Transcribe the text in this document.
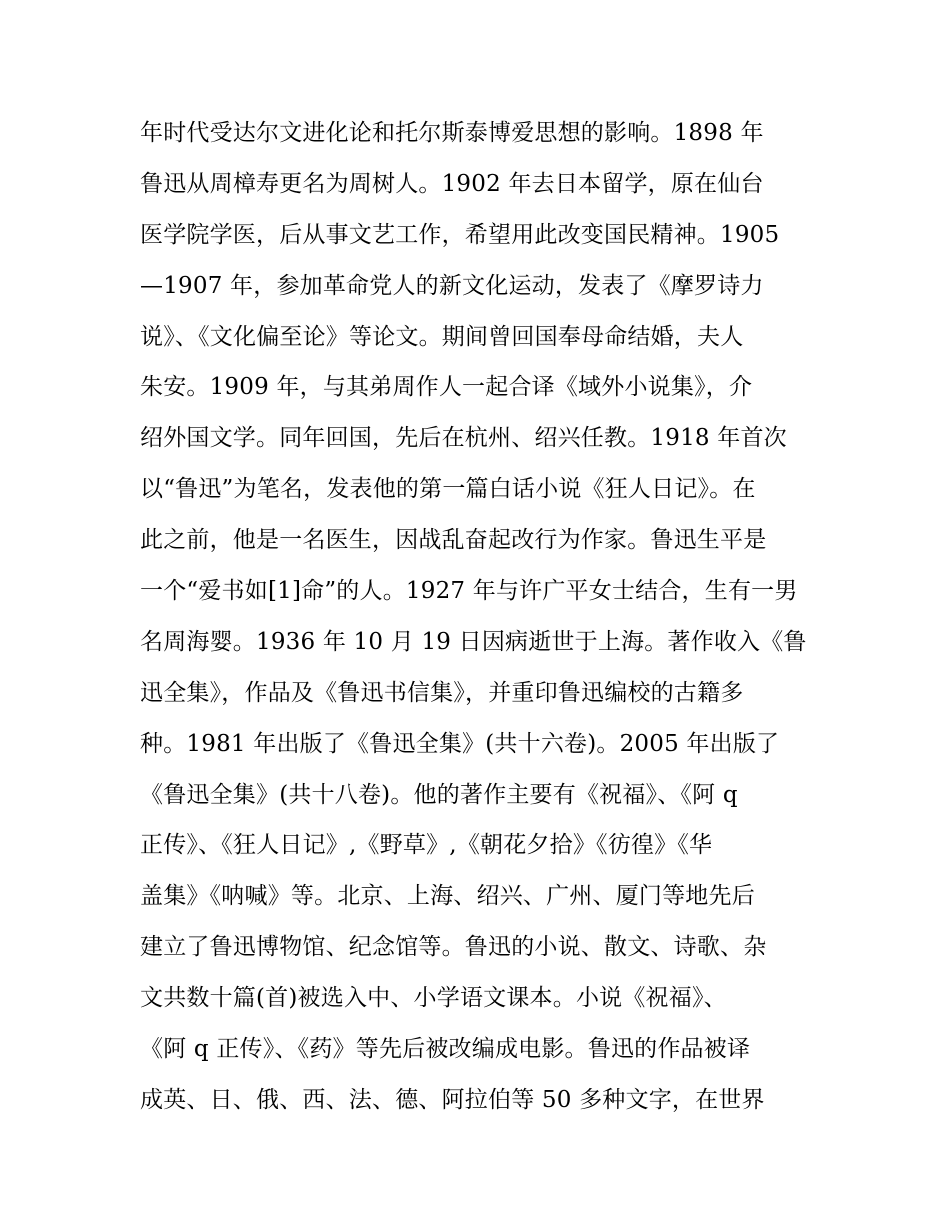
年时代受达尔文进化论和托尔斯泰博爱思想的影响。1898 年
鲁迅从周樟寿更名为周树人。1902 年去日本留学，原在仙台
医学院学医，后从事文艺工作，希望用此改变国民精神。1905
—1907 年，参加革命党人的新文化运动，发表了《摩罗诗力
说》、《文化偏至论》等论文。期间曾回国奉母命结婚，夫人
朱安。1909 年，与其弟周作人一起合译《域外小说集》，介
绍外国文学。同年回国，先后在杭州、绍兴任教。1918 年首次
以“鲁迅”为笔名，发表他的第一篇白话小说《狂人日记》。在
此之前，他是一名医生，因战乱奋起改行为作家。鲁迅生平是
一个“爱书如[1]命”的人。1927 年与许广平女士结合，生有一男
名周海婴。1936 年 10 月 19 日因病逝世于上海。著作收入《鲁
迅全集》，作品及《鲁迅书信集》，并重印鲁迅编校的古籍多
种。1981 年出版了《鲁迅全集》(共十六卷)。2005 年出版了
《鲁迅全集》(共十八卷)。他的著作主要有《祝福》、《阿 q
正传》、《狂人日记》,《野草》,《朝花夕拾》《彷徨》《华
盖集》《呐喊》等。北京、上海、绍兴、广州、厦门等地先后
建立了鲁迅博物馆、纪念馆等。鲁迅的小说、散文、诗歌、杂
文共数十篇(首)被选入中、小学语文课本。小说《祝福》、
《阿 q 正传》、《药》等先后被改编成电影。鲁迅的作品被译
成英、日、俄、西、法、德、阿拉伯等 50 多种文字，在世界
